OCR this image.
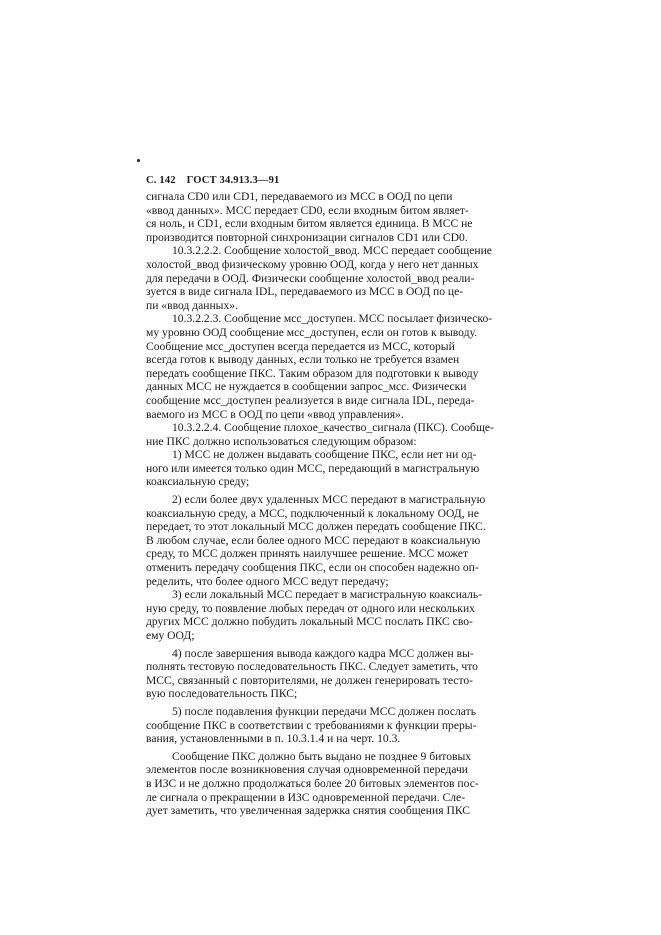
С. 142 ГОСТ 34.913.3—91
сигнала CD0 или CD1, передаваемого из МСС в ООД по цепи
«ввод данных». МСС передает CD0, если входным битом являет-
ся ноль, и CD1, если входным битом является единица. В МСС не
производится повторной синхронизации сигналов CD1 или CD0.
10.3.2.2.2. Сообщение холостой_ввод. МСС передает сообщение
холостой_ввод физическому уровню ООД, когда у него нет данных
для передачи в ООД. Физически сообщение холостой_ввод реали-
зуется в виде сигнала IDL, передаваемого из МСС в ООД по це-
пи «ввод данных».
10.3.2.2.3. Сообщение мсс_доступен. МСС посылает физическо-
му уровню ООД сообщение мсс_доступен, если он готов к выводу.
Сообщение мсс_доступен всегда передается из МСС, который
всегда готов к выводу данных, если только не требуется взамен
передать сообщение ПКС. Таким образом для подготовки к выводу
данных МСС не нуждается в сообщении запрос_мсс. Физически
сообщение мсс_доступен реализуется в виде сигнала IDL, переда-
ваемого из МСС в ООД по цепи «ввод управления».
10.3.2.2.4. Сообщение плохое_качество_сигнала (ПКС). Сообще-
ние ПКС должно использоваться следующим образом:
1) МСС не должен выдавать сообщение ПКС, если нет ни од-
ного или имеется только один МСС, передающий в магистральную
коаксиальную среду;
2) если более двух удаленных МСС передают в магистральную
коаксиальную среду, а МСС, подключенный к локальному ООД, не
передает, то этот локальный МСС должен передать сообщение ПКС.
В любом случае, если более одного МСС передают в коаксиальную
среду, то МСС должен принять наилучшее решение. МСС может
отменить передачу сообщения ПКС, если он способен надежно оп-
ределить, что более одного МСС ведут передачу;
3) если локальный МСС передает в магистральную коаксиаль-
ную среду, то появление любых передач от одного или нескольких
других МСС должно побудить локальный МСС послать ПКС сво-
ему ООД;
4) после завершения вывода каждого кадра МСС должен вы-
полнять тестовую последовательность ПКС. Следует заметить, что
МСС, связанный с повторителями, не должен генерировать тесто-
вую последовательность ПКС;
5) после подавления функции передачи МСС должен послать
сообщение ПКС в соответствии с требованиями к функции преры-
вания, установленными в п. 10.3.1.4 и на черт. 10.3.
Сообщение ПКС должно быть выдано не позднее 9 битовых
элементов после возникновения случая одновременной передачи
в ИЗС и не должно продолжаться более 20 битовых элементов пос-
ле сигнала о прекращении в ИЗС одновременной передачи. Сле-
дует заметить, что увеличенная задержка снятия сообщения ПКС
